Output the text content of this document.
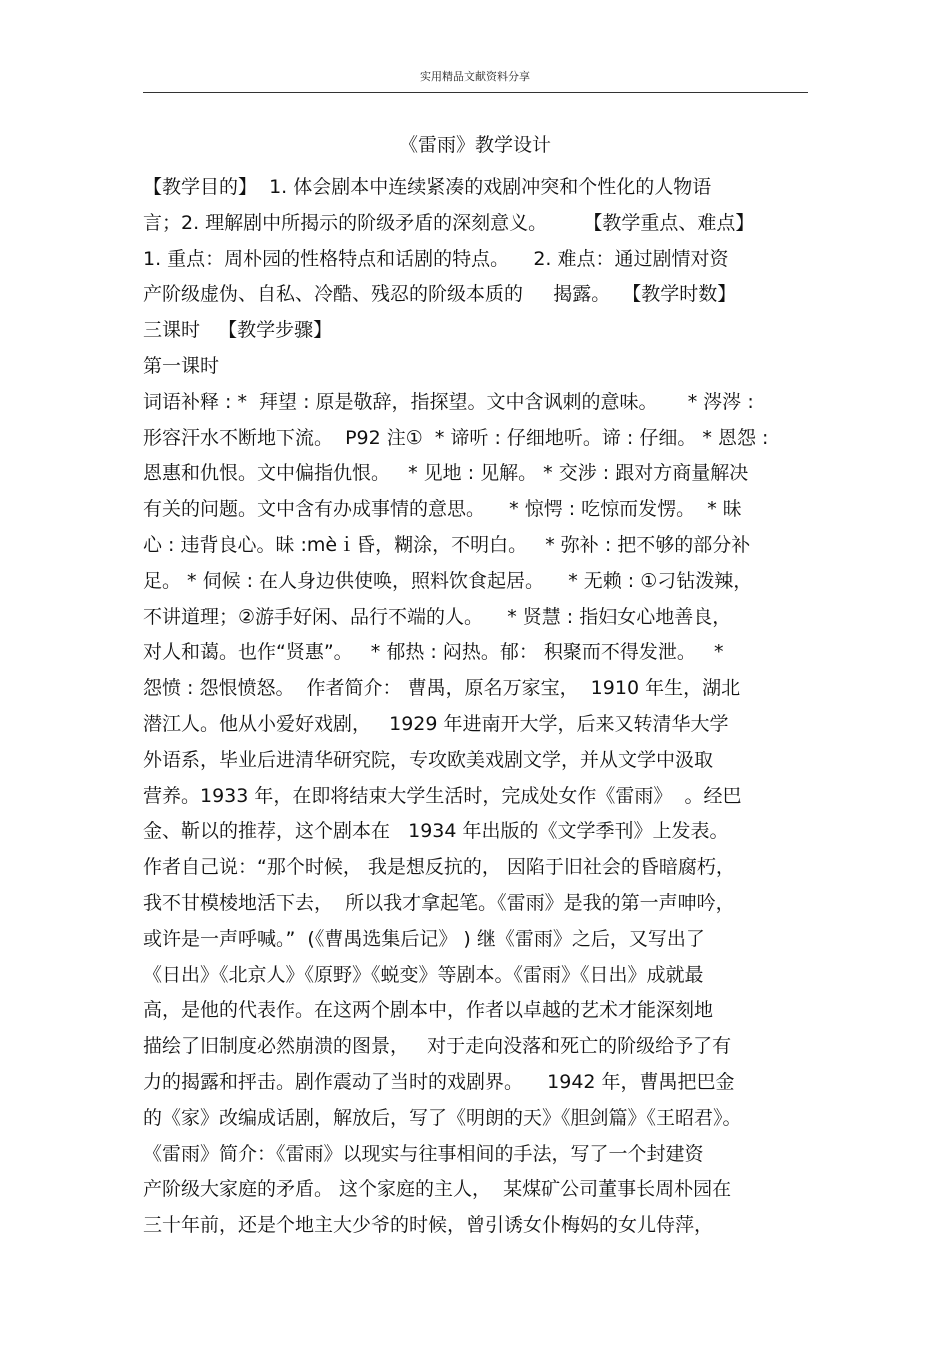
实用精品文献资料分享
《雷雨》教学设计
【教学目的】  1. 体会剧本中连续紧凑的戏剧冲突和个性化的人物语
言；2. 理解剧中所揭示的阶级矛盾的深刻意义。      【教学重点、难点】
1. 重点：周朴园的性格特点和话剧的特点。    2. 难点：通过剧情对资
产阶级虚伪、自私、冷酷、残忍的阶级本质的     揭露。  【教学时数】
三课时   【教学步骤】
第一课时
词语补释 : *  拜望 : 原是敬辞，指探望。文中含讽刺的意味。     * 涔涔 :
形容汗水不断地下流。  P92 注①  * 谛听 : 仔细地听。谛 : 仔细。 * 恩怨 :
恩惠和仇恨。文中偏指仇恨。   * 见地 : 见解。 * 交涉 : 跟对方商量解决
有关的问题。文中含有办成事情的意思。    * 惊愕 : 吃惊而发愣。  * 昧
心 : 违背良心。昧 :mèｉ昏，糊涂，不明白。   * 弥补 : 把不够的部分补
足。 * 伺候 : 在人身边供使唤，照料饮食起居。    * 无赖 : ①刁钻泼辣，
不讲道理；②游手好闲、品行不端的人。    * 贤慧 : 指妇女心地善良，
对人和蔼。也作“贤惠”。   * 郁热 : 闷热。郁： 积聚而不得发泄。   *
怨愤 : 怨恨愤怒。  作者简介： 曹禺，原名万家宝，  1910 年生，湖北
潜江人。他从小爱好戏剧，   1929 年进南开大学，后来又转清华大学
外语系，毕业后进清华研究院，专攻欧美戏剧文学，并从文学中汲取
营养。1933 年，在即将结束大学生活时，完成处女作《雷雨》  。经巴
金、靳以的推荐，这个剧本在   1934 年出版的《文学季刊》上发表。
作者自己说：“那个时候， 我是想反抗的， 因陷于旧社会的昏暗腐朽，
我不甘模棱地活下去，  所以我才拿起笔。《雷雨》是我的第一声呻吟，
或许是一声呼喊。”  (《曹禺选集后记》 ) 继《雷雨》之后，又写出了
《日出》《北京人》《原野》《蜕变》等剧本。《雷雨》《日出》成就最
高，是他的代表作。在这两个剧本中，作者以卓越的艺术才能深刻地
描绘了旧制度必然崩溃的图景，   对于走向没落和死亡的阶级给予了有
力的揭露和抨击。剧作震动了当时的戏剧界。    1942 年，曹禺把巴金
的《家》改编成话剧，解放后，写了《明朗的天》《胆剑篇》《王昭君》。
《雷雨》简介：《雷雨》以现实与往事相间的手法，写了一个封建资
产阶级大家庭的矛盾。 这个家庭的主人，  某煤矿公司董事长周朴园在
三十年前，还是个地主大少爷的时候，曾引诱女仆梅妈的女儿侍萍，
